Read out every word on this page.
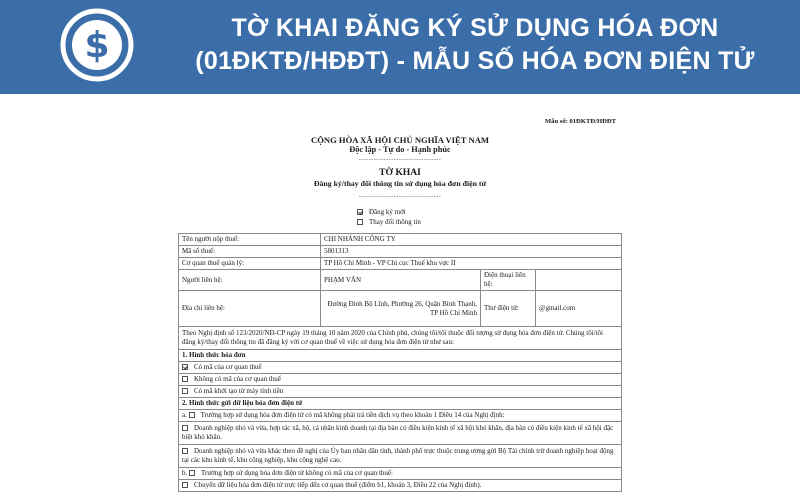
$	TỜ KHAI ĐĂNG KÝ SỬ DỤNG HÓA ĐƠN
(01ĐKTĐ/HĐĐT) - MẪU SỐ HÓA ĐƠN ĐIỆN TỬ
Mẫu số: 01ĐKTĐ/HĐĐT
CỘNG HÒA XÃ HỘI CHỦ NGHĨA VIỆT NAM
Độc lập - Tự do - Hạnh phúc
---------------------------------
TỜ KHAI
Đăng ký/thay đổi thông tin sử dụng hóa đơn điện tử
---------------------------------
Đăng ký mới
Thay đổi thông tin
Tên người nộp thuế:	CHI NHÁNH CÔNG TY		
Mã số thuế:	5801313		
Cơ quan thuế quản lý:	TP Hồ Chí Minh - VP Chi cục Thuế khu vực II		
Người liên hệ:	PHẠM VĂN	Điện thoại liên hệ:	
Địa chỉ liên hệ:	Đường Đinh Bộ Lĩnh, Phường 26, Quận Bình Thạnh, TP Hồ Chí Minh	Thư điện tử:	@gmail.com
Theo Nghị định số 123/2020/NĐ-CP ngày 19 tháng 10 năm 2020 của Chính phủ, chúng tôi/tôi thuộc đối tượng sử dụng hóa đơn điện tử. Chúng tôi/tôi đăng ký/thay đổi thông tin đã đăng ký với cơ quan thuế về việc sử dụng hóa đơn điện tử như sau:			
1. Hình thức hóa đơn			
Có mã của cơ quan thuế			
Không có mã của cơ quan thuế			
Có mã khởi tạo từ máy tính tiền			
2. Hình thức gửi dữ liệu hóa đơn điện tử			
a. Trường hợp sử dụng hóa đơn điện tử có mã không phải trả tiền dịch vụ theo khoản 1 Điều 14 của Nghị định:			
Doanh nghiệp nhỏ và vừa, hợp tác xã, hộ, cá nhân kinh doanh tại địa bàn có điều kiện kinh tế xã hội khó khăn, địa bàn có điều kiện kinh tế xã hội đặc biệt khó khăn.			
Doanh nghiệp nhỏ và vừa khác theo đề nghị của Ủy ban nhân dân tỉnh, thành phố trực thuộc trung ương gửi Bộ Tài chính trừ doanh nghiệp hoạt động tại các khu kinh tế, khu công nghiệp, khu công nghệ cao.			
b. Trường hợp sử dụng hóa đơn điện tử không có mã của cơ quan thuế:			
Chuyển dữ liệu hóa đơn điện tử trực tiếp đến cơ quan thuế (điểm b1, khoản 3, Điều 22 của Nghị định).			
